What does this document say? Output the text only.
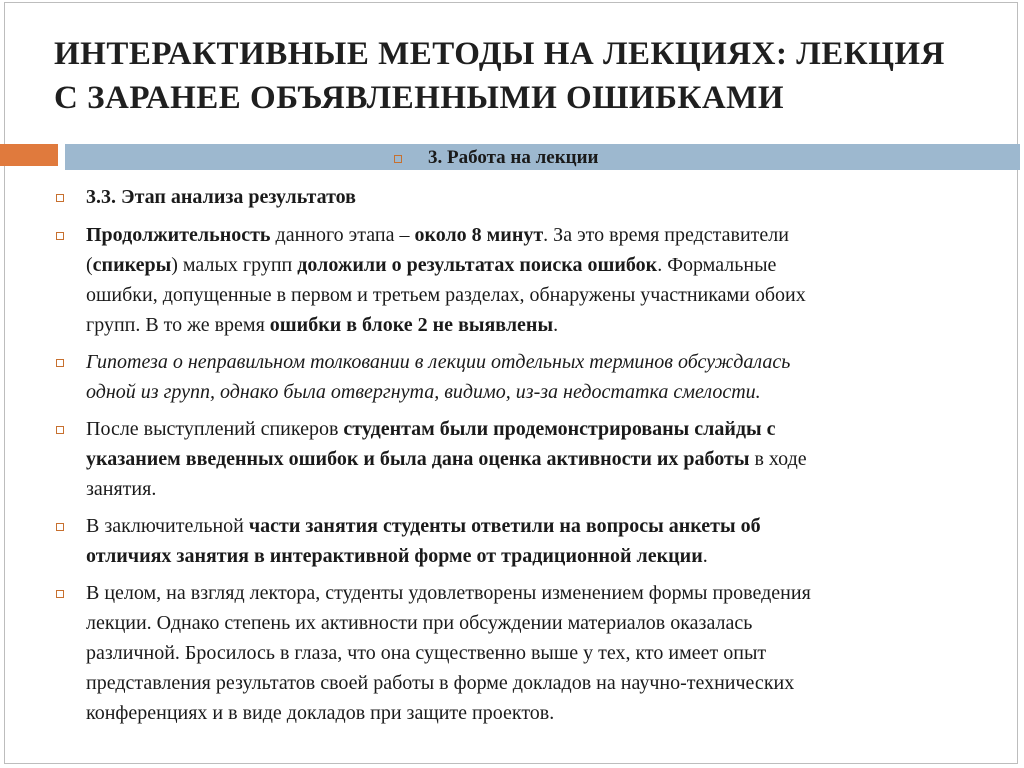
ИНТЕРАКТИВНЫЕ МЕТОДЫ НА ЛЕКЦИЯХ: ЛЕКЦИЯ
С ЗАРАНЕЕ ОБЪЯВЛЕННЫМИ ОШИБКАМИ
3. Работа на лекции
3.3. Этап анализа результатов
Продолжительность данного этапа – около 8 минут. За это время представители
(спикеры) малых групп доложили о результатах поиска ошибок. Формальные
ошибки, допущенные в первом и третьем разделах, обнаружены участниками обоих
групп. В то же время ошибки в блоке 2 не выявлены.
Гипотеза о неправильном толковании в лекции отдельных терминов обсуждалась
одной из групп, однако была отвергнута, видимо, из-за недостатка смелости.
После выступлений спикеров студентам были продемонстрированы слайды с
указанием введенных ошибок и была дана оценка активности их работы в ходе
занятия.
В заключительной части занятия студенты ответили на вопросы анкеты об
отличиях занятия в интерактивной форме от традиционной лекции.
В целом, на взгляд лектора, студенты удовлетворены изменением формы проведения
лекции. Однако степень их активности при обсуждении материалов оказалась
различной. Бросилось в глаза, что она существенно выше у тех, кто имеет опыт
представления результатов своей работы в форме докладов на научно-технических
конференциях и в виде докладов при защите проектов.
